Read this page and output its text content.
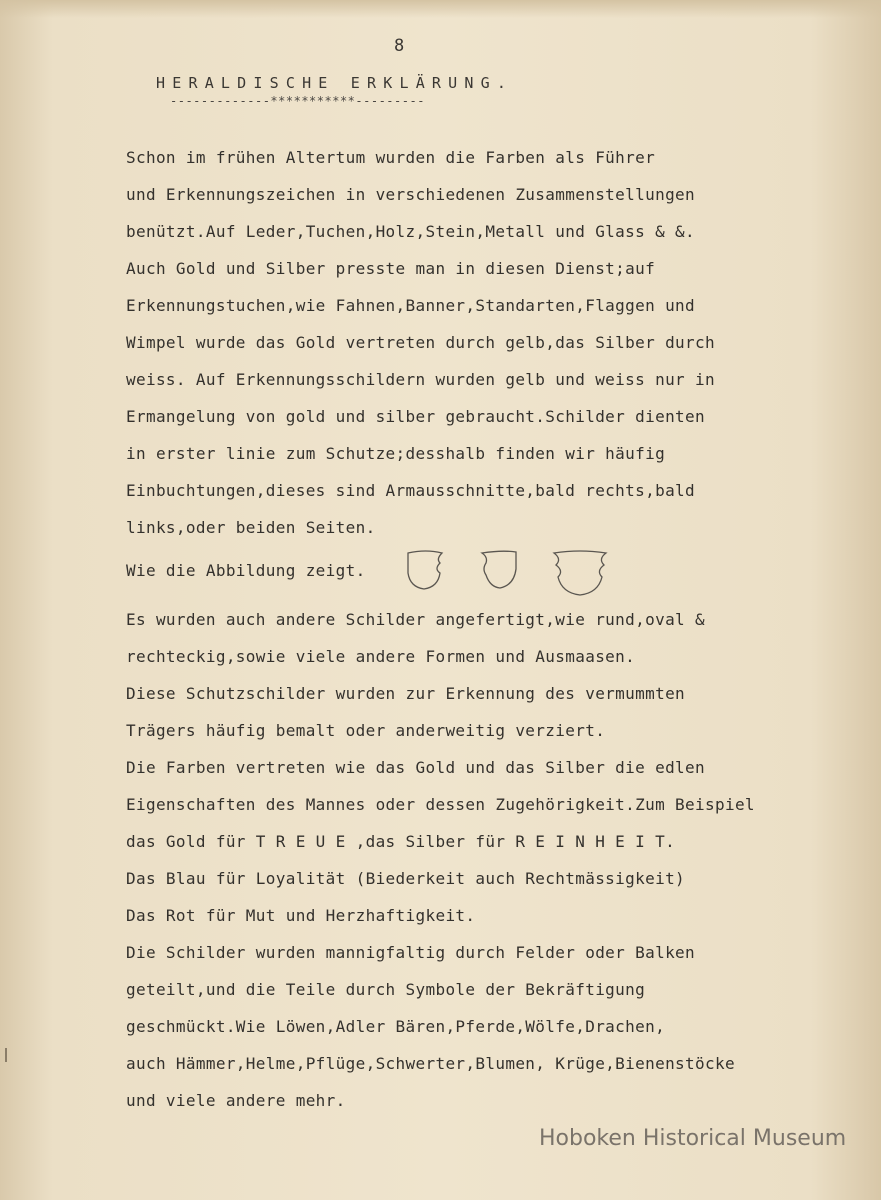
8
HERALDISCHE ERKLÄRUNG.
-------------***********---------
Schon im frühen Altertum wurden die Farben als Führer
und Erkennungszeichen in verschiedenen Zusammenstellungen
benützt.Auf Leder,Tuchen,Holz,Stein,Metall und Glass & &.
Auch Gold und Silber presste man in diesen Dienst;auf
Erkennungstuchen,wie Fahnen,Banner,Standarten,Flaggen und
Wimpel wurde das Gold vertreten durch gelb,das Silber durch
weiss. Auf Erkennungsschildern wurden gelb und weiss nur in
Ermangelung von gold und silber gebraucht.Schilder dienten
in erster linie zum Schutze;desshalb finden wir häufig
Einbuchtungen,dieses sind Armausschnitte,bald rechts,bald
links,oder beiden Seiten.
Wie die Abbildung zeigt.
Es wurden auch andere Schilder angefertigt,wie rund,oval &
rechteckig,sowie viele andere Formen und Ausmaasen.
Diese Schutzschilder wurden zur Erkennung des vermummten
Trägers häufig bemalt oder anderweitig verziert.
Die Farben vertreten wie das Gold und das Silber die edlen
Eigenschaften des Mannes oder dessen Zugehörigkeit.Zum Beispiel
das Gold für T R E U E ,das Silber für R E I N H E I T.
Das Blau für Loyalität (Biederkeit auch Rechtmässigkeit)
Das Rot für Mut und Herzhaftigkeit.
Die Schilder wurden mannigfaltig durch Felder oder Balken
geteilt,und die Teile durch Symbole der Bekräftigung
geschmückt.Wie Löwen,Adler Bären,Pferde,Wölfe,Drachen,
auch Hämmer,Helme,Pflüge,Schwerter,Blumen, Krüge,Bienenstöcke
und viele andere mehr.
Hoboken Historical Museum
